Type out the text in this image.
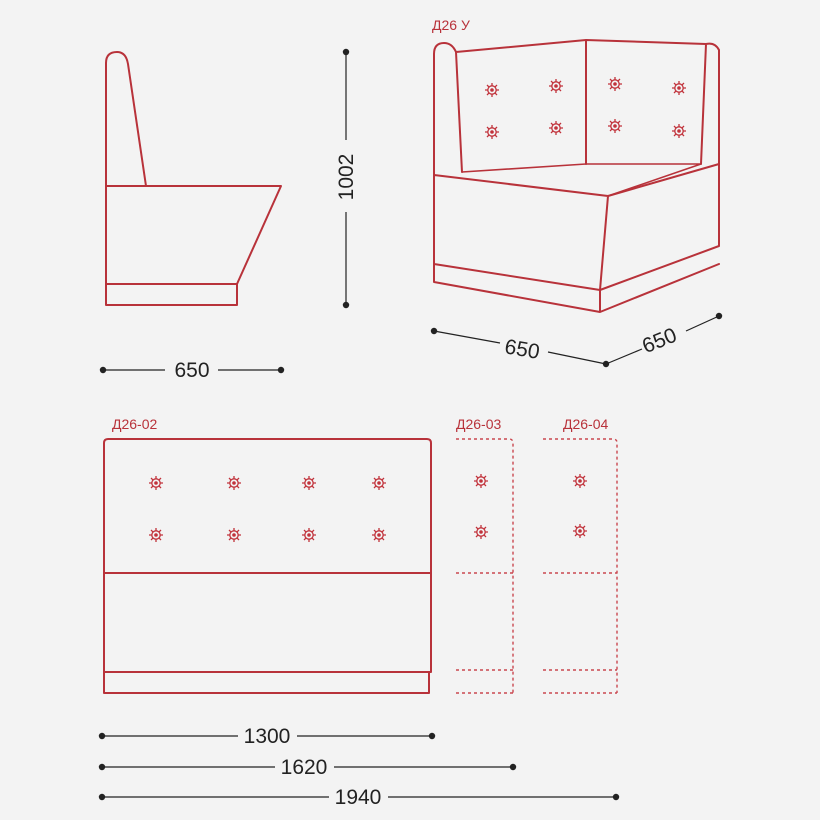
1002
650
Д26 У
650	650
Д26-02	Д26-03	Д26-04
1300
1620
1940
